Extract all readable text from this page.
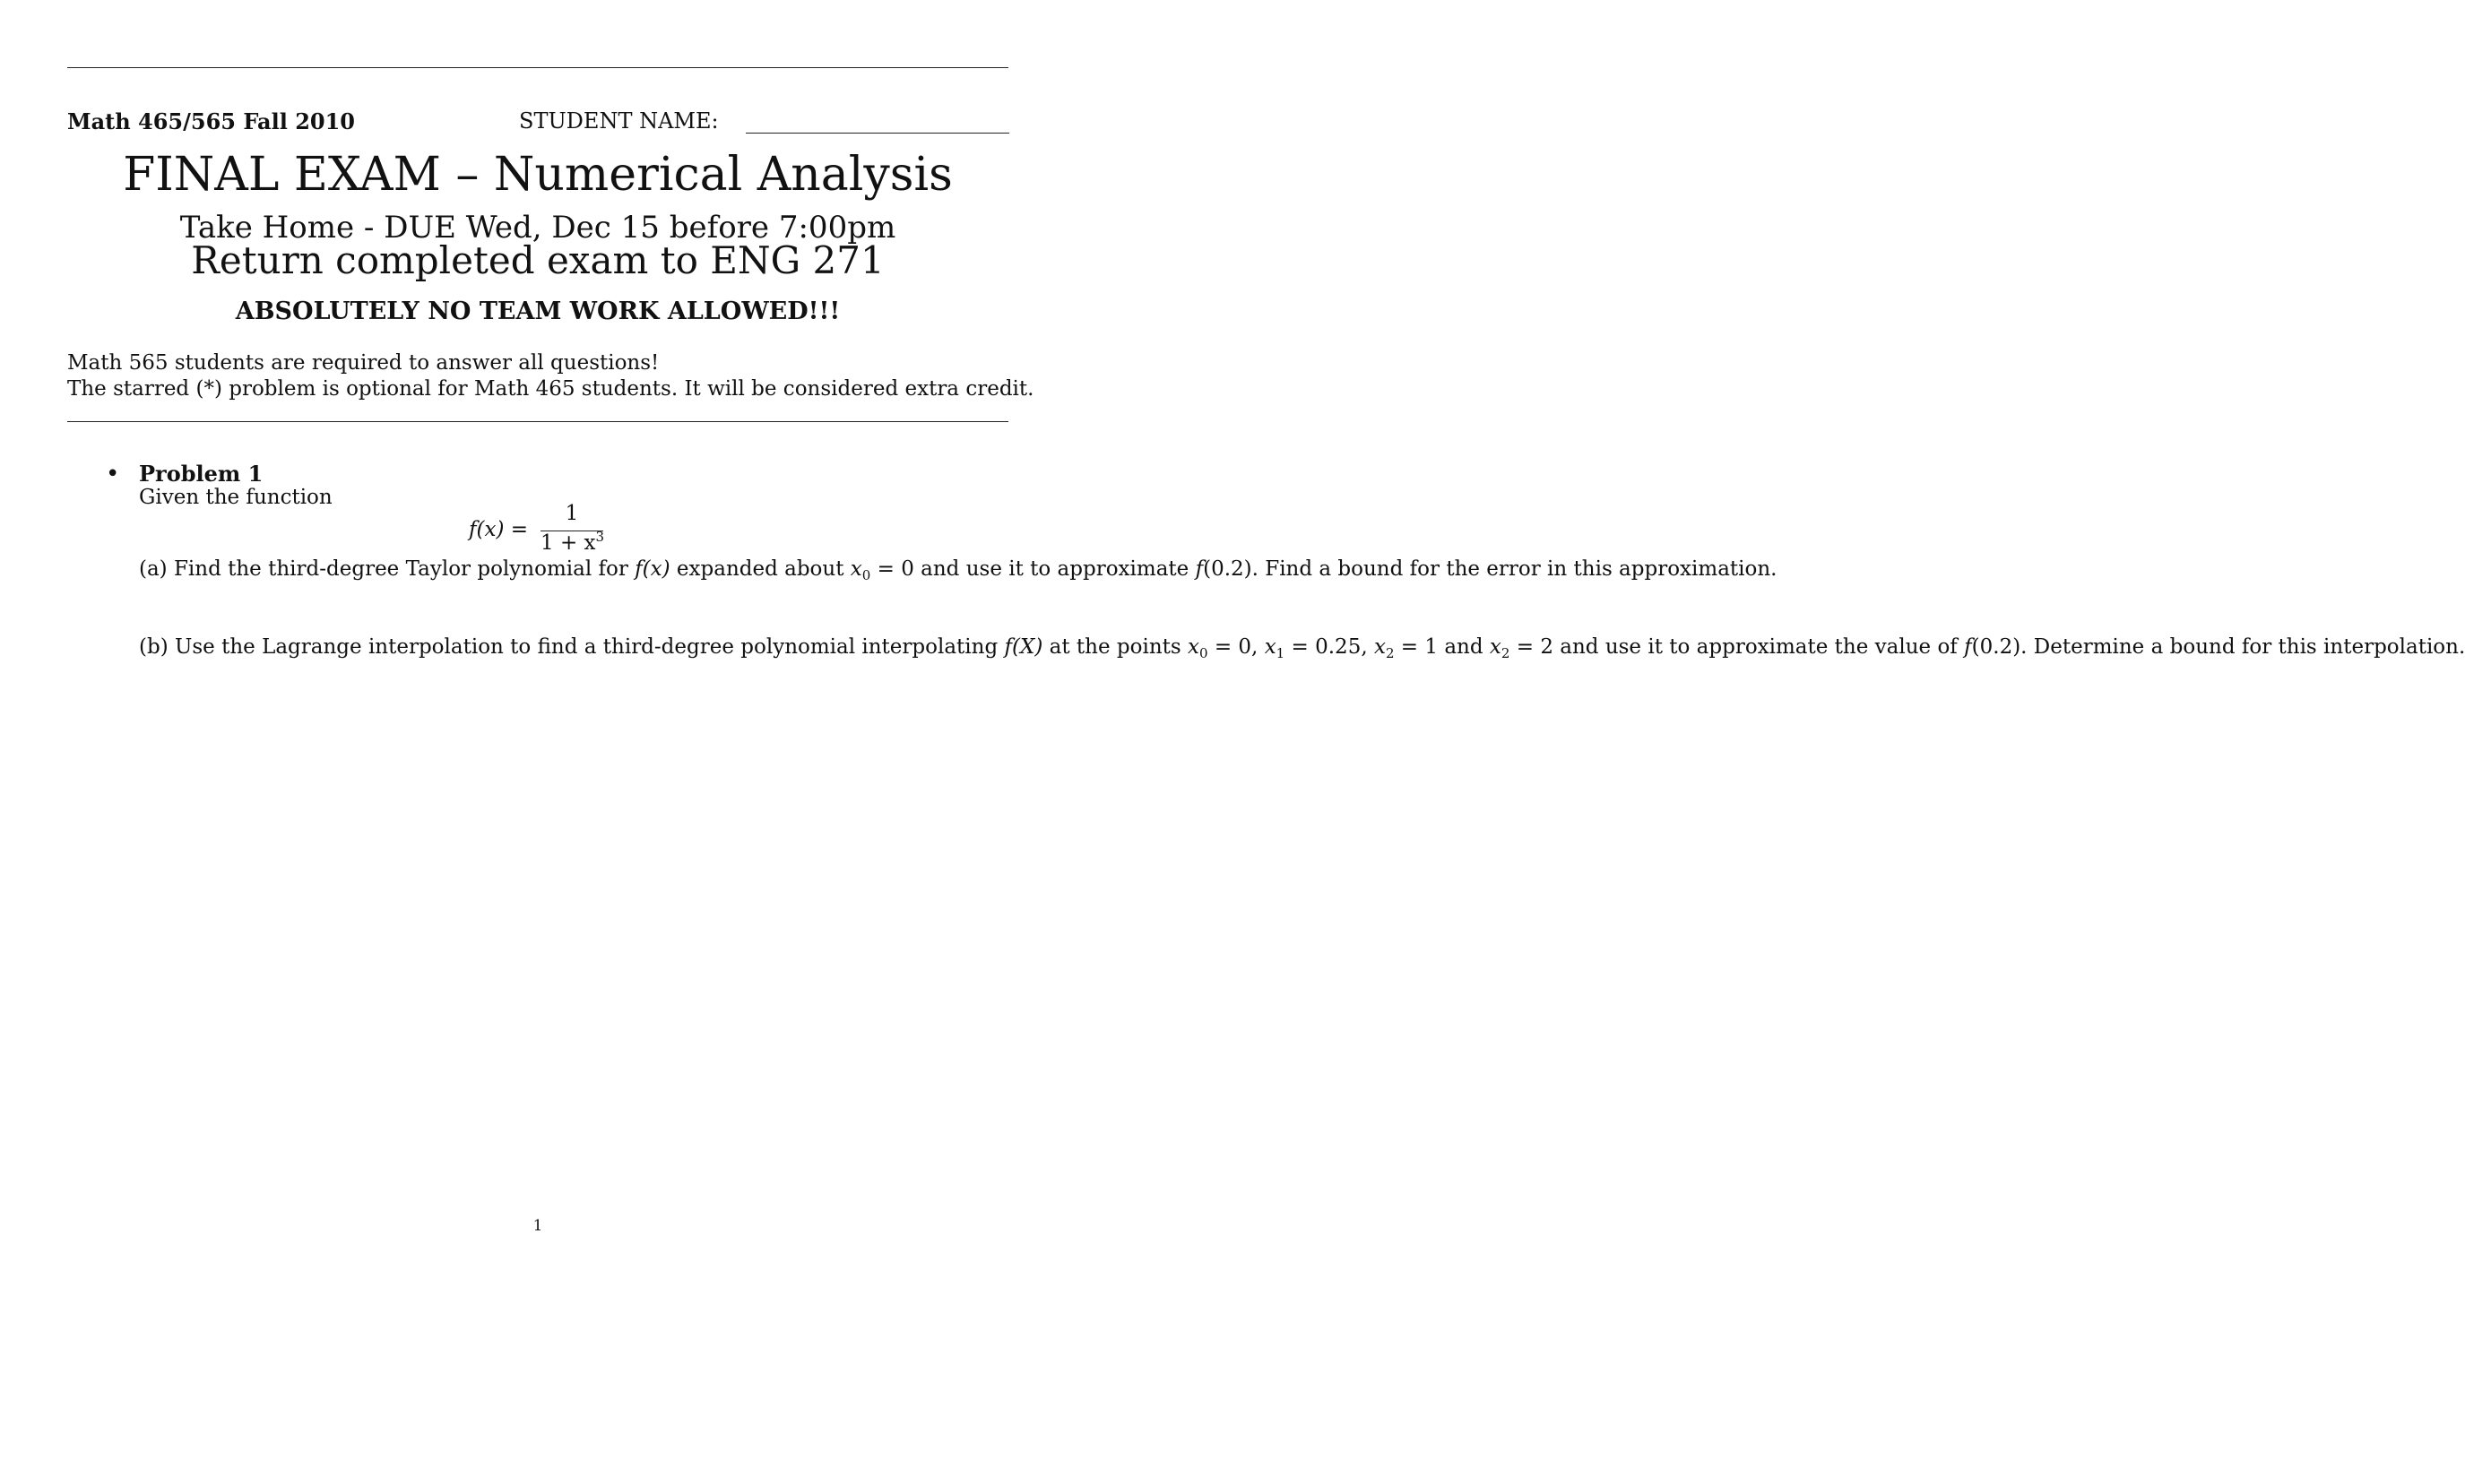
Math 465/565 Fall 2010	STUDENT NAME:
FINAL EXAM – Numerical Analysis
Take Home - DUE Wed, Dec 15 before 7:00pm
Return completed exam to ENG 271
ABSOLUTELY NO TEAM WORK ALLOWED!!!
Math 565 students are required to answer all questions!
The starred (*) problem is optional for Math 465 students. It will be considered extra credit.
• Problem 1
Given the function
f(x) =
1
$1 + x^3$

(a) Find the third-degree Taylor polynomial for f(x) expanded about $x_0 = 0$ and use it to approximate f(0.2). Find a bound for the error in this approximation.

(b) Use the Lagrange interpolation to find a third-degree polynomial interpolating f(X) at the points $x_0 = 0$, $x_1 = 0.25$, $x_2 = 1$ and $x_2 = 2$ and use it to approximate the value of f(0.2). Determine a bound for this interpolation.

1
